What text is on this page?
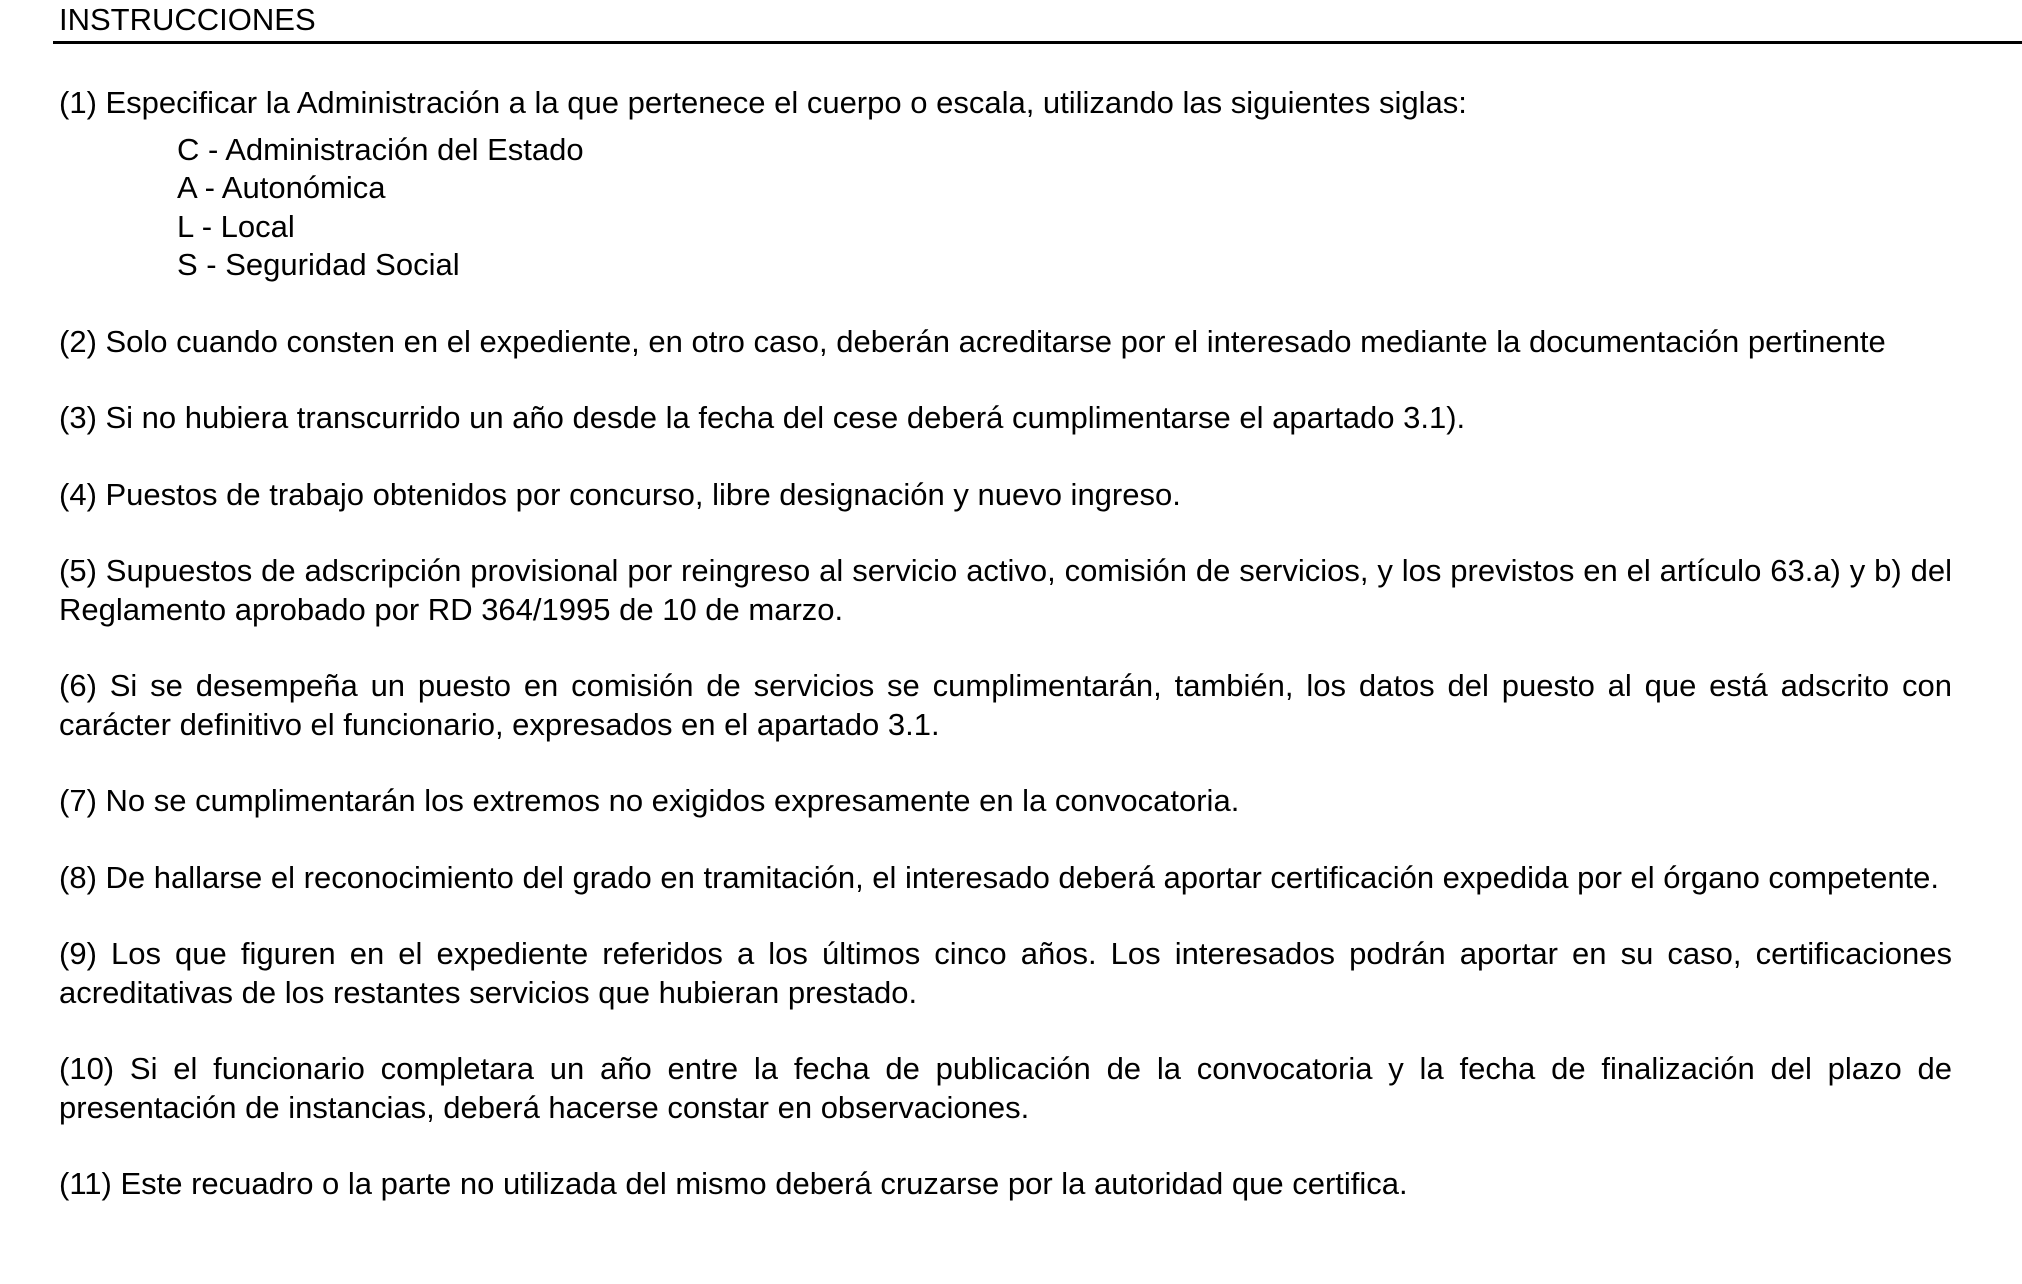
INSTRUCCIONES
(1) Especificar la Administración a la que pertenece el cuerpo o escala, utilizando las siguientes siglas:
C - Administración del Estado
A - Autonómica
L - Local
S - Seguridad Social
(2) Solo cuando consten en el expediente, en otro caso, deberán acreditarse por el interesado mediante la documentación pertinente
(3) Si no hubiera transcurrido un año desde la fecha del cese deberá cumplimentarse el apartado 3.1).
(4) Puestos de trabajo obtenidos por concurso, libre designación y nuevo ingreso.
(5) Supuestos de adscripción provisional por reingreso al servicio activo, comisión de servicios, y los previstos en el artículo 63.a) y b) del Reglamento aprobado por RD 364/1995 de 10 de marzo.
(6) Si se desempeña un puesto en comisión de servicios se cumplimentarán, también, los datos del puesto al que está adscrito con carácter definitivo el funcionario, expresados en el apartado 3.1.
(7) No se cumplimentarán los extremos no exigidos expresamente en la convocatoria.
(8) De hallarse el reconocimiento del grado en tramitación, el interesado deberá aportar certificación expedida por el órgano competente.
(9) Los que figuren en el expediente referidos a los últimos cinco años. Los interesados podrán aportar en su caso, certificaciones acreditativas de los restantes servicios que hubieran prestado.
(10) Si el funcionario completara un año entre la fecha de publicación de la convocatoria y la fecha de finalización del plazo de presentación de instancias, deberá hacerse constar en observaciones.
(11) Este recuadro o la parte no utilizada del mismo deberá cruzarse por la autoridad que certifica.
